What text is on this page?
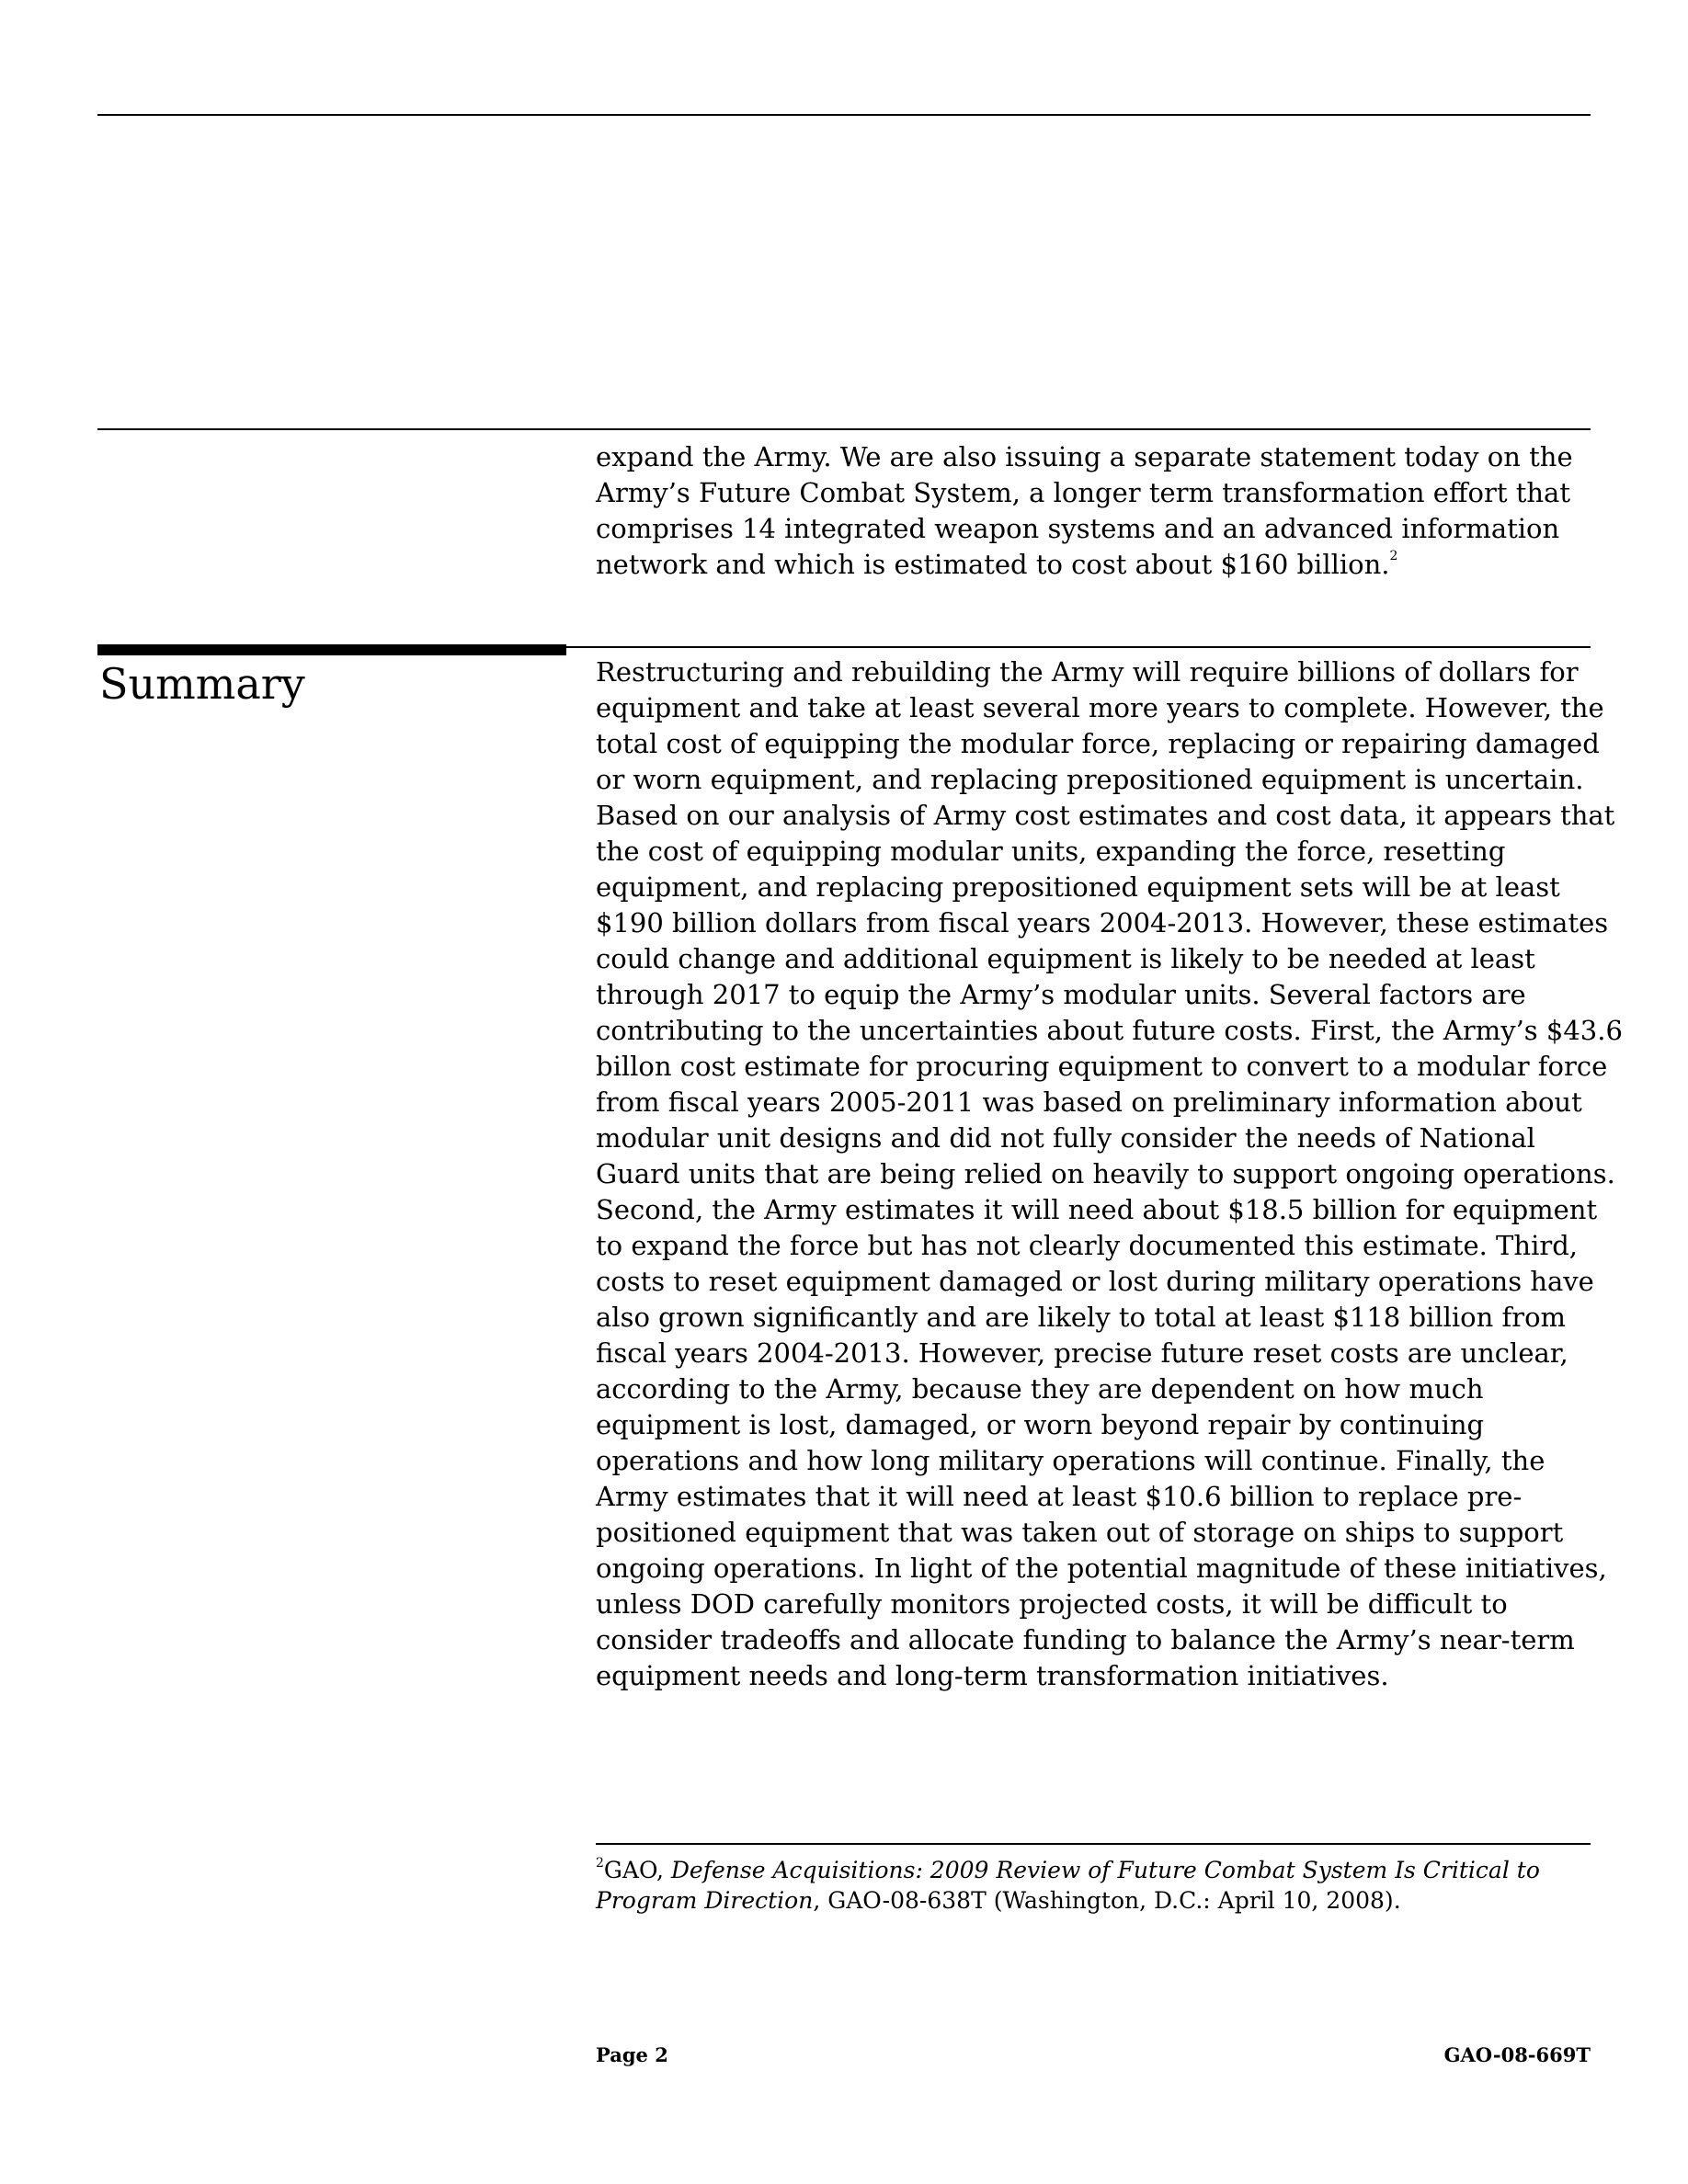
expand the Army. We are also issuing a separate statement today on the
Army’s Future Combat System, a longer term transformation effort that
comprises 14 integrated weapon systems and an advanced information
network and which is estimated to cost about $160 billion.$^2$

Summary	Restructuring and rebuilding the Army will require billions of dollars for
equipment and take at least several more years to complete. However, the
total cost of equipping the modular force, replacing or repairing damaged
or worn equipment, and replacing prepositioned equipment is uncertain.
Based on our analysis of Army cost estimates and cost data, it appears that
the cost of equipping modular units, expanding the force, resetting
equipment, and replacing prepositioned equipment sets will be at least
$190 billion dollars from fiscal years 2004-2013. However, these estimates
could change and additional equipment is likely to be needed at least
through 2017 to equip the Army’s modular units. Several factors are
contributing to the uncertainties about future costs. First, the Army’s $43.6
billon cost estimate for procuring equipment to convert to a modular force
from fiscal years 2005-2011 was based on preliminary information about
modular unit designs and did not fully consider the needs of National
Guard units that are being relied on heavily to support ongoing operations.
Second, the Army estimates it will need about $18.5 billion for equipment
to expand the force but has not clearly documented this estimate. Third,
costs to reset equipment damaged or lost during military operations have
also grown significantly and are likely to total at least $118 billion from
fiscal years 2004-2013. However, precise future reset costs are unclear,
according to the Army, because they are dependent on how much
equipment is lost, damaged, or worn beyond repair by continuing
operations and how long military operations will continue. Finally, the
Army estimates that it will need at least $10.6 billion to replace pre-
positioned equipment that was taken out of storage on ships to support
ongoing operations. In light of the potential magnitude of these initiatives,
unless DOD carefully monitors projected costs, it will be difficult to
consider tradeoffs and allocate funding to balance the Army’s near-term
equipment needs and long-term transformation initiatives.

$^2$GAO, Defense Acquisitions: 2009 Review of Future Combat System Is Critical to
Program Direction, GAO-08-638T (Washington, D.C.: April 10, 2008).

Page 2	GAO-08-669T
